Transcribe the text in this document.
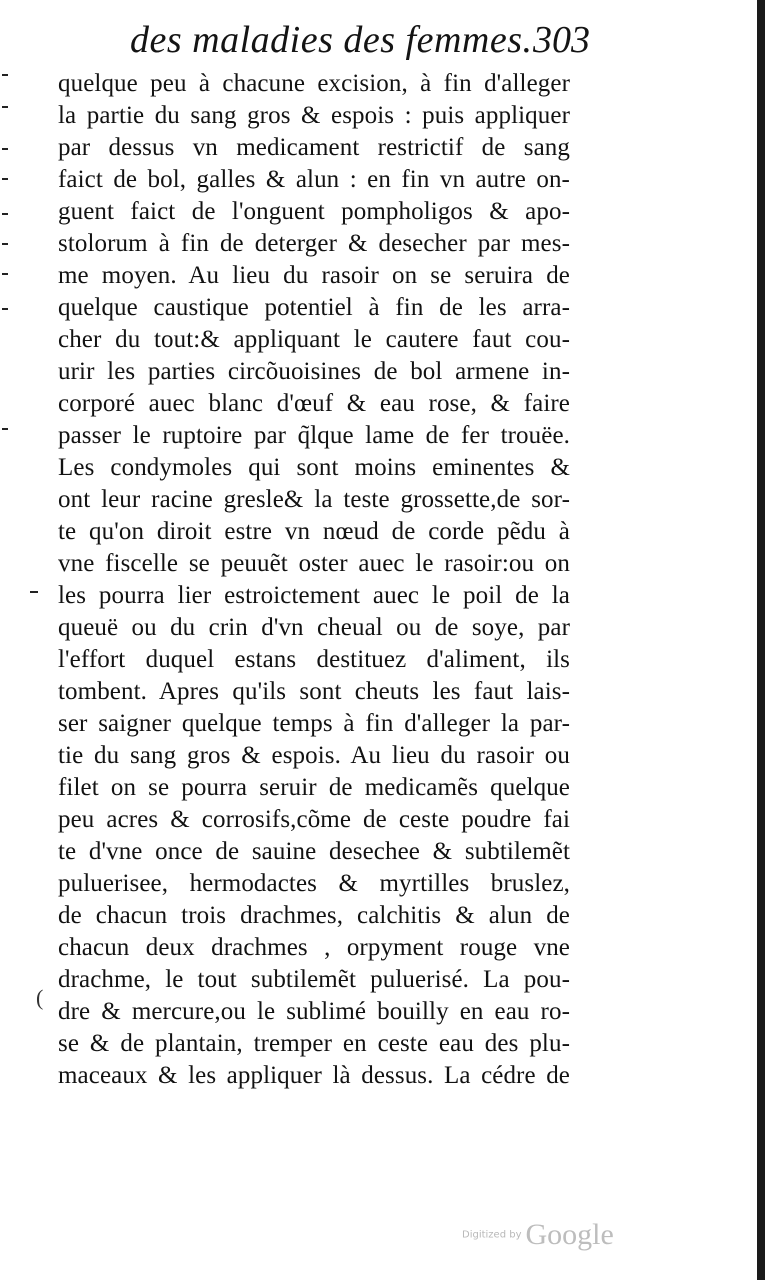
des maladies des femmes. 303
(
quelque peu à chacune excision, à fin d'alleger
la partie du sang gros & espois : puis appliquer
par dessus vn medicament restrictif de sang
faict de bol, galles & alun : en fin vn autre on-
guent faict de l'onguent pompholigos & apo-
stolorum à fin de deterger & desecher par mes-
me moyen. Au lieu du rasoir on se seruira de
quelque caustique potentiel à fin de les arra-
cher du tout:& appliquant le cautere faut cou-
urir les parties circõuoisines de bol armene in-
corporé auec blanc d'œuf & eau rose, & faire
passer le ruptoire par q̃lque lame de fer trouëe.
Les condymoles qui sont moins eminentes &
ont leur racine gresle& la teste grossette,de sor-
te qu'on diroit estre vn nœud de corde pẽdu à
vne fiscelle se peuuẽt oster auec le rasoir:ou on
les pourra lier estroictement auec le poil de la
queuë ou du crin d'vn cheual ou de soye, par
l'effort duquel estans destituez d'aliment, ils
tombent. Apres qu'ils sont cheuts les faut lais-
ser saigner quelque temps à fin d'alleger la par-
tie du sang gros & espois. Au lieu du rasoir ou
filet on se pourra seruir de medicamẽs quelque
peu acres & corrosifs,cõme de ceste poudre fai
te d'vne once de sauine desechee & subtilemẽt
puluerisee, hermodactes & myrtilles bruslez,
de chacun trois drachmes, calchitis & alun de
chacun deux drachmes , orpyment rouge vne
drachme, le tout subtilemẽt puluerisé. La pou-
dre & mercure,ou le sublimé bouilly en eau ro-
se & de plantain, tremper en ceste eau des plu-
maceaux & les appliquer là dessus. La cédre de
Digitized by Google
